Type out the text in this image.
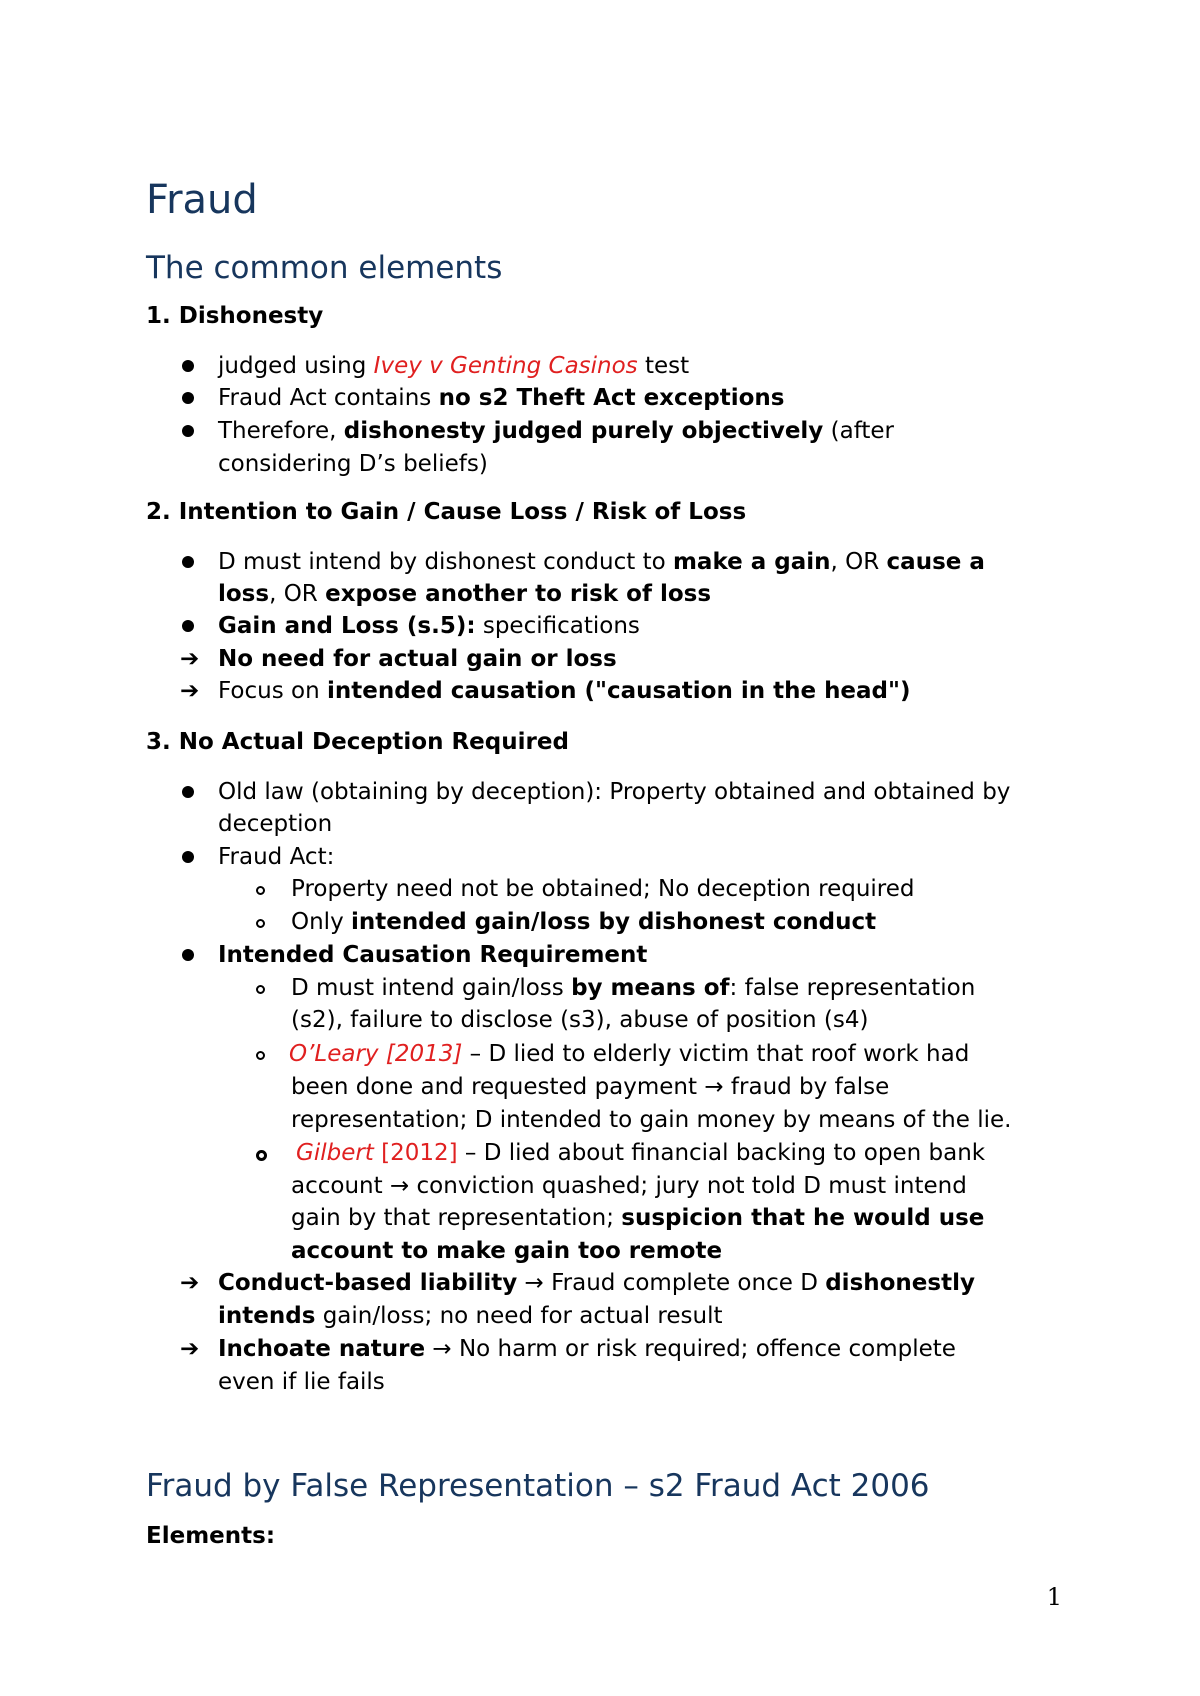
Fraud
The common elements

1. Dishonesty

judged using Ivey v Genting Casinos test
Fraud Act contains no s2 Theft Act exceptions
Therefore, dishonesty judged purely objectively (after
considering D’s beliefs)

2. Intention to Gain / Cause Loss / Risk of Loss

D must intend by dishonest conduct to make a gain, OR cause a
loss, OR expose another to risk of loss
Gain and Loss (s.5): specifications
➔ No need for actual gain or loss
➔ Focus on intended causation ("causation in the head")

3. No Actual Deception Required

Old law (obtaining by deception): Property obtained and obtained by
deception
Fraud Act:
Property need not be obtained; No deception required
Only intended gain/loss by dishonest conduct
Intended Causation Requirement
D must intend gain/loss by means of: false representation
(s2), failure to disclose (s3), abuse of position (s4)
O’Leary [2013] – D lied to elderly victim that roof work had
been done and requested payment → fraud by false
representation; D intended to gain money by means of the lie.
Gilbert [2012] – D lied about financial backing to open bank
account → conviction quashed; jury not told D must intend
gain by that representation; suspicion that he would use
account to make gain too remote
➔ Conduct-based liability → Fraud complete once D dishonestly
intends gain/loss; no need for actual result
➔ Inchoate nature → No harm or risk required; offence complete
even if lie fails
Fraud by False Representation – s2 Fraud Act 2006
Elements:
1
